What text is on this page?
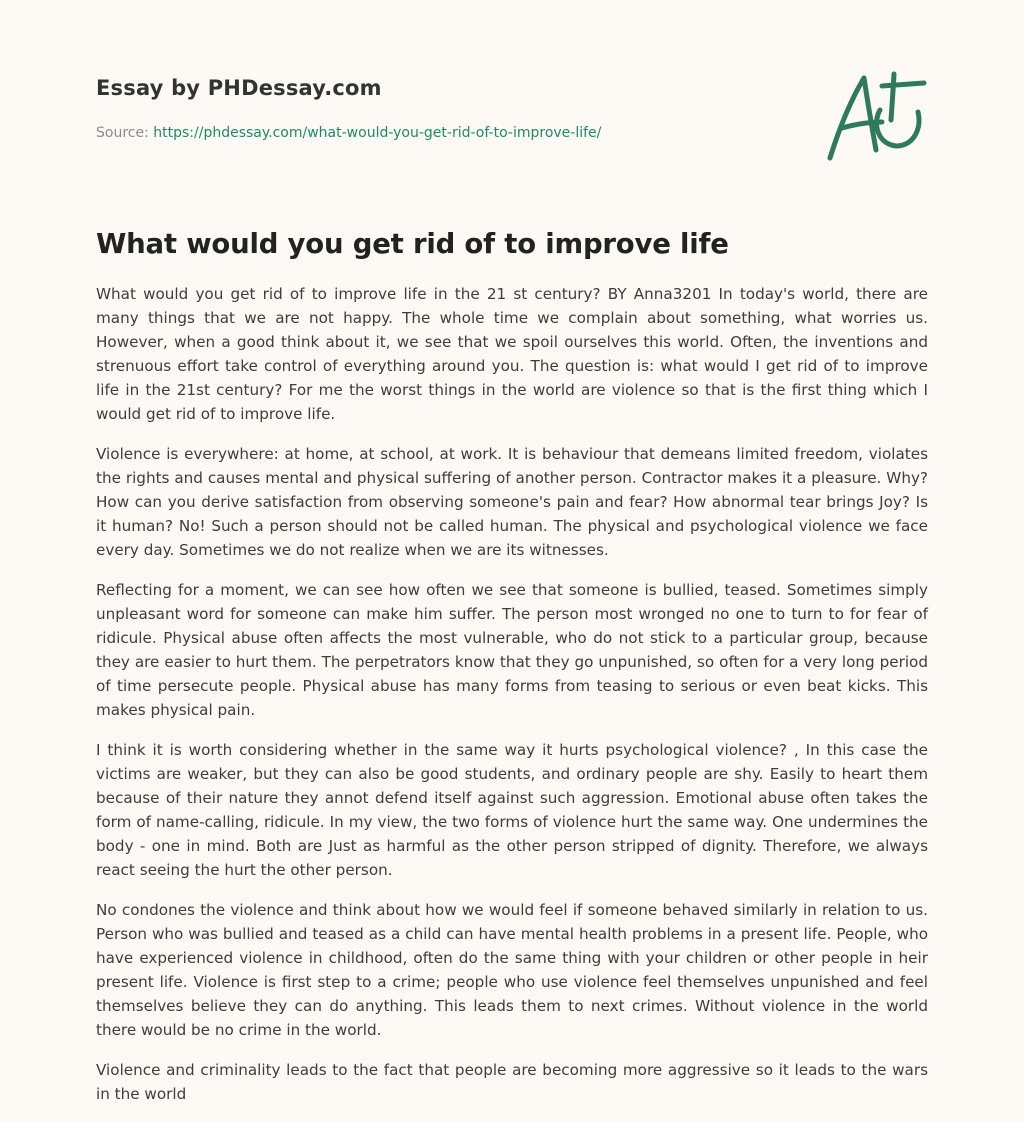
Essay by PHDessay.com
Source: https://phdessay.com/what-would-you-get-rid-of-to-improve-life/
What would you get rid of to improve life

What would you get rid of to improve life in the 21 st century? BY Anna3201 In today's world, there are many things that we are not happy. The whole time we complain about something, what worries us. However, when a good think about it, we see that we spoil ourselves this world. Often, the inventions and strenuous effort take control of everything around you. The question is: what would I get rid of to improve life in the 21st century? For me the worst things in the world are violence so that is the first thing which I would get rid of to improve life.

Violence is everywhere: at home, at school, at work. It is behaviour that demeans limited freedom, violates the rights and causes mental and physical suffering of another person. Contractor makes it a pleasure. Why? How can you derive satisfaction from observing someone's pain and fear? How abnormal tear brings Joy? Is it human? No! Such a person should not be called human. The physical and psychological violence we face every day. Sometimes we do not realize when we are its witnesses.

Reflecting for a moment, we can see how often we see that someone is bullied, teased. Sometimes simply unpleasant word for someone can make him suffer. The person most wronged no one to turn to for fear of ridicule. Physical abuse often affects the most vulnerable, who do not stick to a particular group, because they are easier to hurt them. The perpetrators know that they go unpunished, so often for a very long period of time persecute people. Physical abuse has many forms from teasing to serious or even beat kicks. This makes physical pain.

I think it is worth considering whether in the same way it hurts psychological violence? , In this case the victims are weaker, but they can also be good students, and ordinary people are shy. Easily to heart them because of their nature they annot defend itself against such aggression. Emotional abuse often takes the form of name-calling, ridicule. In my view, the two forms of violence hurt the same way. One undermines the body - one in mind. Both are Just as harmful as the other person stripped of dignity. Therefore, we always react seeing the hurt the other person.

No condones the violence and think about how we would feel if someone behaved similarly in relation to us. Person who was bullied and teased as a child can have mental health problems in a present life. People, who have experienced violence in childhood, often do the same thing with your children or other people in heir present life. Violence is first step to a crime; people who use violence feel themselves unpunished and feel themselves believe they can do anything. This leads them to next crimes. Without violence in the world there would be no crime in the world.

Violence and criminality leads to the fact that people are becoming more aggressive so it leads to the wars in the world
